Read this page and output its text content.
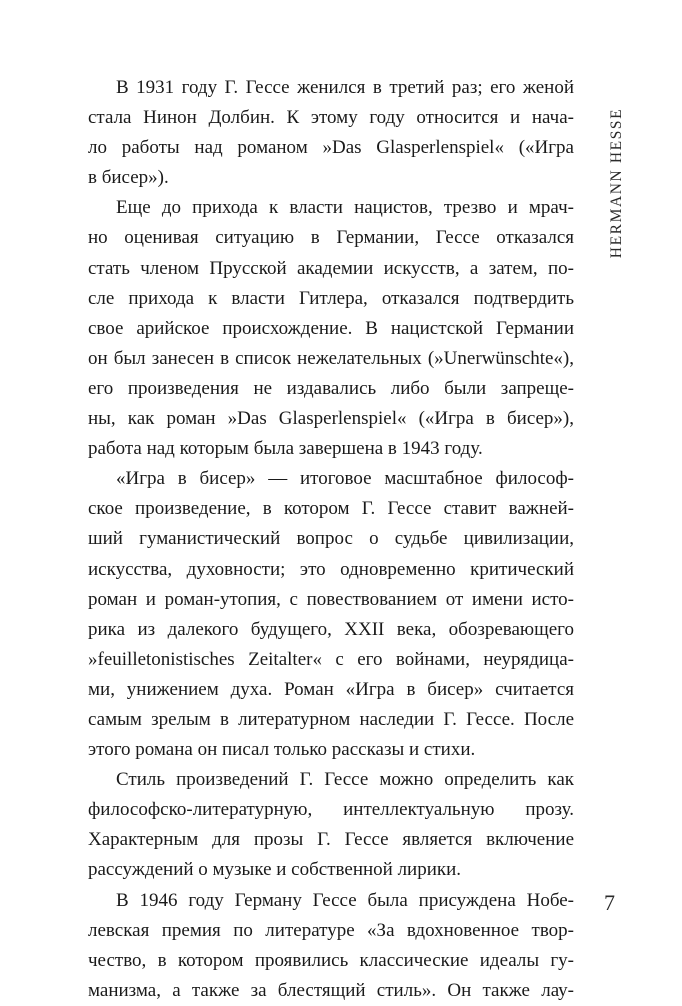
В 1931 году Г. Гессе женился в третий раз; его женой
стала Нинон Долбин. К этому году относится и нача-
ло работы над романом »Das Glasperlenspiel« («Игра
в бисер»).
Еще до прихода к власти нацистов, трезво и мрач-
но оценивая ситуацию в Германии, Гессе отказался
стать членом Прусской академии искусств, а затем, по-
сле прихода к власти Гитлера, отказался подтвердить
свое арийское происхождение. В нацистской Германии
он был занесен в список нежелательных (»Unerwünschte«),
его произведения не издавались либо были запреще-
ны, как роман »Das Glasperlenspiel« («Игра в бисер»),
работа над которым была завершена в 1943 году.
«Игра в бисер» — итоговое масштабное философ-
ское произведение, в котором Г. Гессе ставит важней-
ший гуманистический вопрос о судьбе цивилизации,
искусства, духовности; это одновременно критический
роман и роман-утопия, с повествованием от имени исто-
рика из далекого будущего, XXII века, обозревающего
»feuilletonistisches Zeitalter« с его войнами, неурядица-
ми, унижением духа. Роман «Игра в бисер» считается
самым зрелым в литературном наследии Г. Гессе. После
этого романа он писал только рассказы и стихи.
Стиль произведений Г. Гессе можно определить как
философско-литературную, интеллектуальную прозу.
Характерным для прозы Г. Гессе является включение
рассуждений о музыке и собственной лирики.
В 1946 году Герману Гессе была присуждена Нобе-
левская премия по литературе «За вдохновенное твор-
чество, в котором проявились классические идеалы гу-
манизма, а также за блестящий стиль». Он также лау-
HERMANN HESSE
7
